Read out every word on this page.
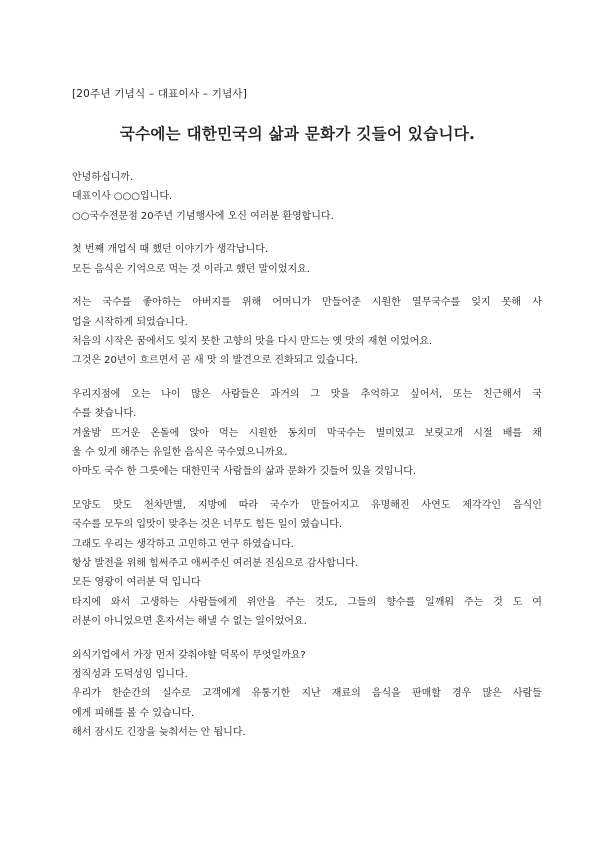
[20주년 기념식 – 대표이사 – 기념사]
국수에는 대한민국의 삶과 문화가 깃들어 있습니다.
안녕하십니까.
대표이사 ○○○입니다.
○○국수전문점 20주년 기념행사에 오신 여러분 환영합니다.
첫 번째 개업식 때 했던 이야기가 생각납니다.
모든 음식은 기억으로 먹는 것 이라고 했던 말이었지요.
저는 국수를 좋아하는 아버지를 위해 어머니가 만들어준 시원한 열무국수를 잊지 못해 사
업을 시작하게 되었습니다.
처음의 시작은 꿈에서도 잊지 못한 고향의 맛을 다시 만드는 옛 맛의 재현 이었어요.
그것은 20년이 흐르면서 곧 새 맛 의 발견으로 진화되고 있습니다.
우리지점에 오는 나이 많은 사람들은 과거의 그 맛을 추억하고 싶어서, 또는 친근해서 국
수를 찾습니다.
겨울밤 뜨거운 온돌에 앉아 먹는 시원한 동치미 막국수는 별미였고 보릿고개 시절 배를 채
울 수 있게 해주는 유일한 음식은 국수였으니까요.
아마도 국수 한 그릇에는 대한민국 사람들의 삶과 문화가 깃들어 있을 것입니다.
모양도 맛도 천차만별, 지방에 따라 국수가 만들어지고 유명해진 사연도 제각각인 음식인
국수를 모두의 입맛이 맞추는 것은 너무도 힘든 일이 였습니다.
그래도 우리는 생각하고 고민하고 연구 하였습니다.
항상 발전을 위해 힘써주고 애써주신 여러분 진심으로 감사합니다.
모든 영광이 여러분 덕 입니다
타지에 와서 고생하는 사람들에게 위안을 주는 것도, 그들의 향수를 일깨워 주는 것 도 여
러분이 아니었으면 혼자서는 해낼 수 없는 일이었어요.
외식기업에서 가장 먼저 갖춰야할 덕목이 무엇일까요?
정직성과 도덕성임 입니다.
우리가 한순간의 실수로 고객에게 유통기한 지난 재료의 음식을 판매할 경우 많은 사람들
에게 피해를 볼 수 있습니다.
해서 잠시도 긴장을 늦춰서는 안 됩니다.
